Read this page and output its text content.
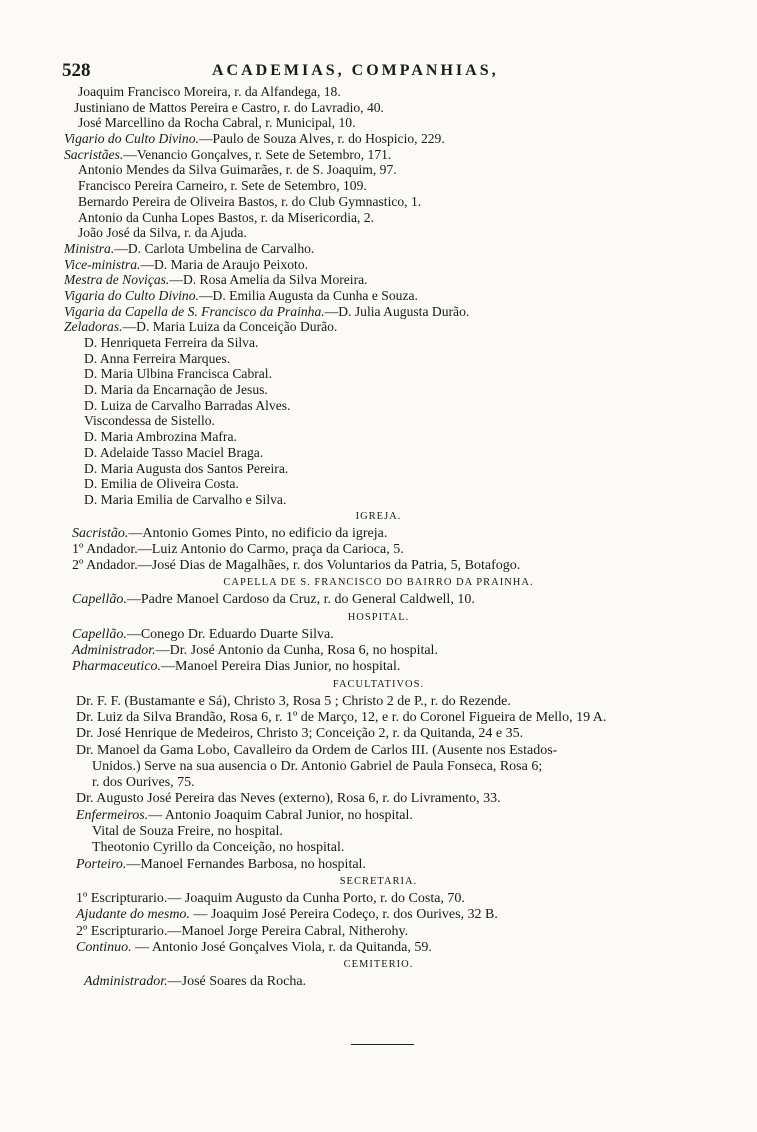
528	ACADEMIAS, COMPANHIAS,
Joaquim Francisco Moreira, r. da Alfandega, 18.
Justiniano de Mattos Pereira e Castro, r. do Lavradio, 40.
José Marcellino da Rocha Cabral, r. Municipal, 10.
Vigario do Culto Divino.—Paulo de Souza Alves, r. do Hospicio, 229.
Sacristães.—Venancio Gonçalves, r. Sete de Setembro, 171.
Antonio Mendes da Silva Guimarães, r. de S. Joaquim, 97.
Francisco Pereira Carneiro, r. Sete de Setembro, 109.
Bernardo Pereira de Oliveira Bastos, r. do Club Gymnastico, 1.
Antonio da Cunha Lopes Bastos, r. da Misericordia, 2.
João José da Silva, r. da Ajuda.
Ministra.—D. Carlota Umbelina de Carvalho.
Vice-ministra.—D. Maria de Araujo Peixoto.
Mestra de Noviças.—D. Rosa Amelia da Silva Moreira.
Vigaria do Culto Divino.—D. Emilia Augusta da Cunha e Souza.
Vigaria da Capella de S. Francisco da Prainha.—D. Julia Augusta Durão.
Zeladoras.—D. Maria Luiza da Conceição Durão.
D. Henriqueta Ferreira da Silva.
D. Anna Ferreira Marques.
D. Maria Ulbina Francisca Cabral.
D. Maria da Encarnação de Jesus.
D. Luiza de Carvalho Barradas Alves.
Viscondessa de Sistello.
D. Maria Ambrozina Mafra.
D. Adelaide Tasso Maciel Braga.
D. Maria Augusta dos Santos Pereira.
D. Emilia de Oliveira Costa.
D. Maria Emilia de Carvalho e Silva.
IGREJA.
Sacristão.—Antonio Gomes Pinto, no edificio da igreja.
1º Andador.—Luiz Antonio do Carmo, praça da Carioca, 5.
2º Andador.—José Dias de Magalhães, r. dos Voluntarios da Patria, 5, Botafogo.
CAPELLA DE S. FRANCISCO DO BAIRRO DA PRAINHA.
Capellão.—Padre Manoel Cardoso da Cruz, r. do General Caldwell, 10.
HOSPITAL.
Capellão.—Conego Dr. Eduardo Duarte Silva.
Administrador.—Dr. José Antonio da Cunha, Rosa 6, no hospital.
Pharmaceutico.—Manoel Pereira Dias Junior, no hospital.
FACULTATIVOS.
Dr. F. F. (Bustamante e Sá), Christo 3, Rosa 5 ; Christo 2 de P., r. do Rezende.
Dr. Luiz da Silva Brandão, Rosa 6, r. 1º de Março, 12, e r. do Coronel Figueira de Mello, 19 A.
Dr. José Henrique de Medeiros, Christo 3; Conceição 2, r. da Quitanda, 24 e 35.
Dr. Manoel da Gama Lobo, Cavalleiro da Ordem de Carlos III. (Ausente nos Estados-
Unidos.) Serve na sua ausencia o Dr. Antonio Gabriel de Paula Fonseca, Rosa 6;
r. dos Ourives, 75.
Dr. Augusto José Pereira das Neves (externo), Rosa 6, r. do Livramento, 33.
Enfermeiros.— Antonio Joaquim Cabral Junior, no hospital.
Vital de Souza Freire, no hospital.
Theotonio Cyrillo da Conceição, no hospital.
Porteiro.—Manoel Fernandes Barbosa, no hospital.
SECRETARIA.
1º Escripturario.— Joaquim Augusto da Cunha Porto, r. do Costa, 70.
Ajudante do mesmo. — Joaquim José Pereira Codeço, r. dos Ourives, 32 B.
2º Escripturario.—Manoel Jorge Pereira Cabral, Nitherohy.
Continuo. — Antonio José Gonçalves Viola, r. da Quitanda, 59.
CEMITERIO.
Administrador.—José Soares da Rocha.
